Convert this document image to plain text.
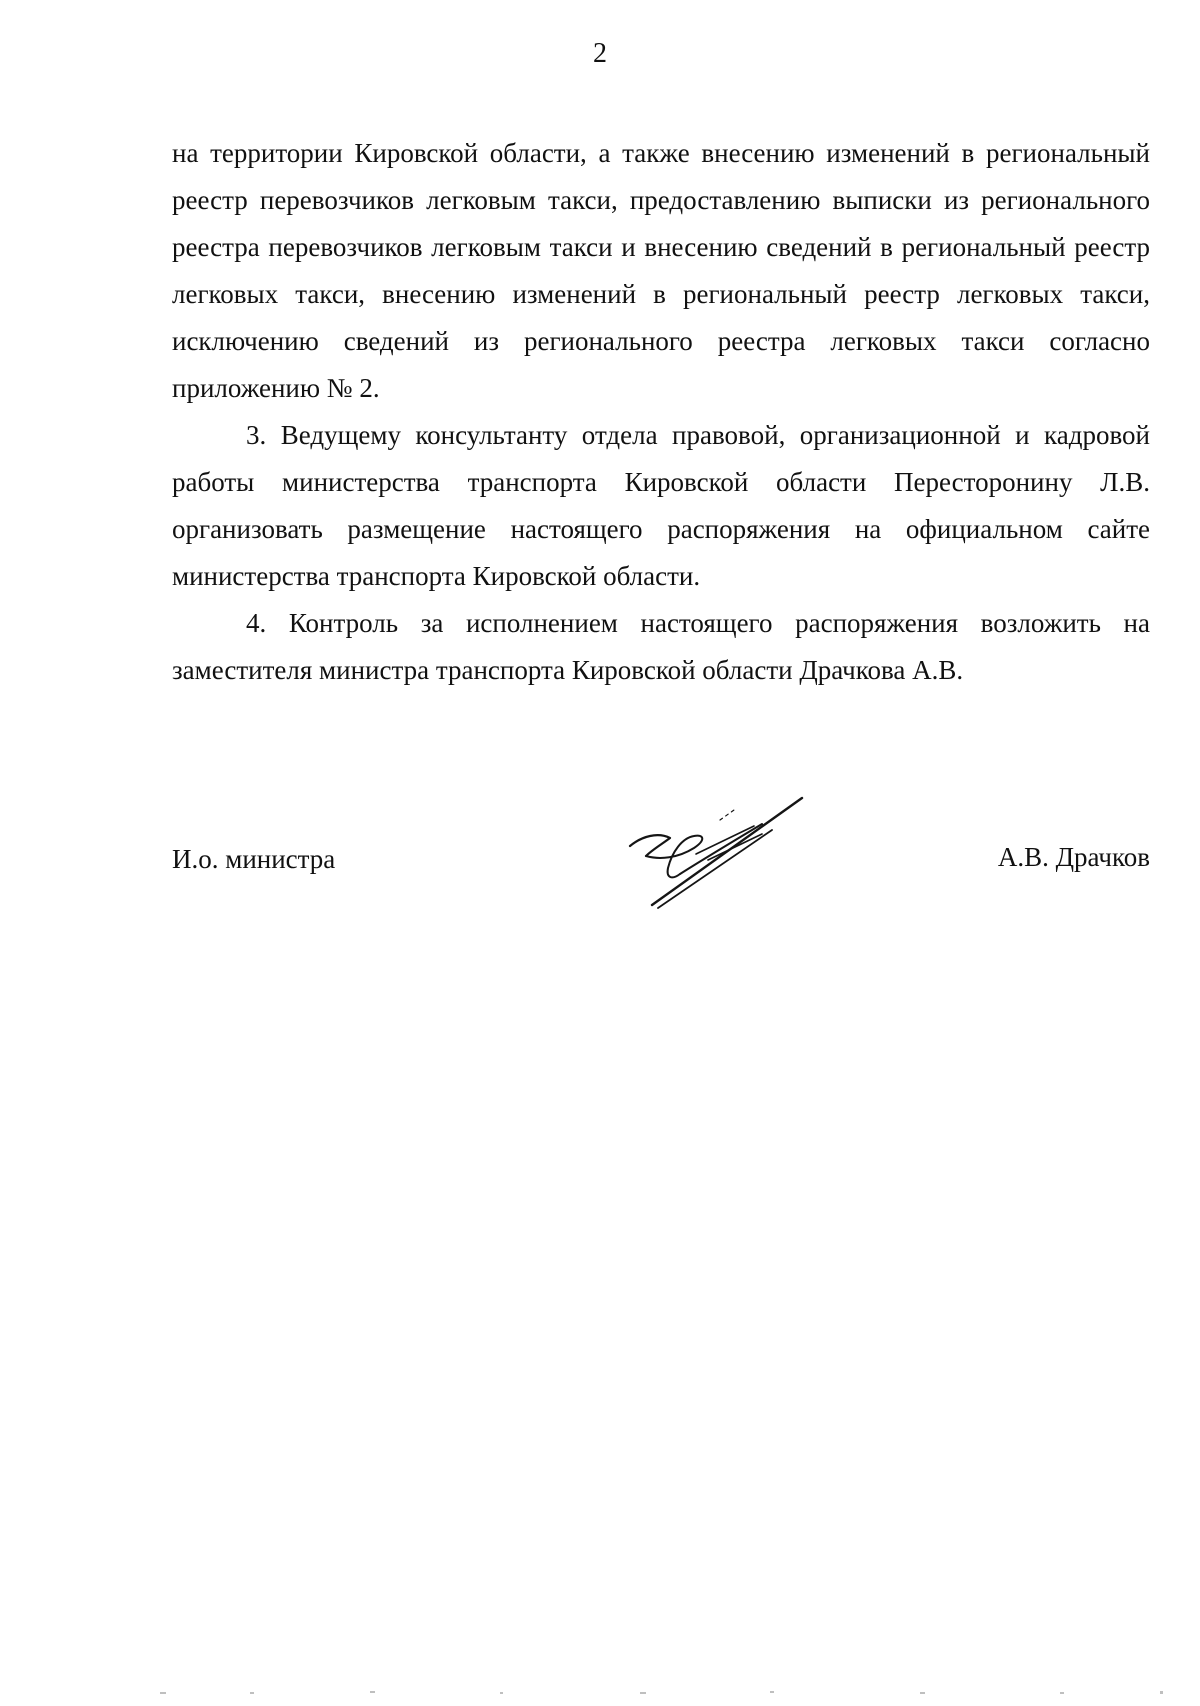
2

на территории Кировской области, а также внесению изменений в региональный реестр перевозчиков легковым такси, предоставлению выписки из регионального реестра перевозчиков легковым такси и внесению сведений в региональный реестр легковых такси, внесению изменений в региональный реестр легковых такси, исключению сведений из регионального реестра легковых такси согласно приложению № 2.

3. Ведущему консультанту отдела правовой, организационной и кадровой работы министерства транспорта Кировской области Пересторонину Л.В. организовать размещение настоящего распоряжения на официальном сайте министерства транспорта Кировской области.

4. Контроль за исполнением настоящего распоряжения возложить на заместителя министра транспорта Кировской области Драчкова А.В.

И.о. министра	А.В. Драчков
